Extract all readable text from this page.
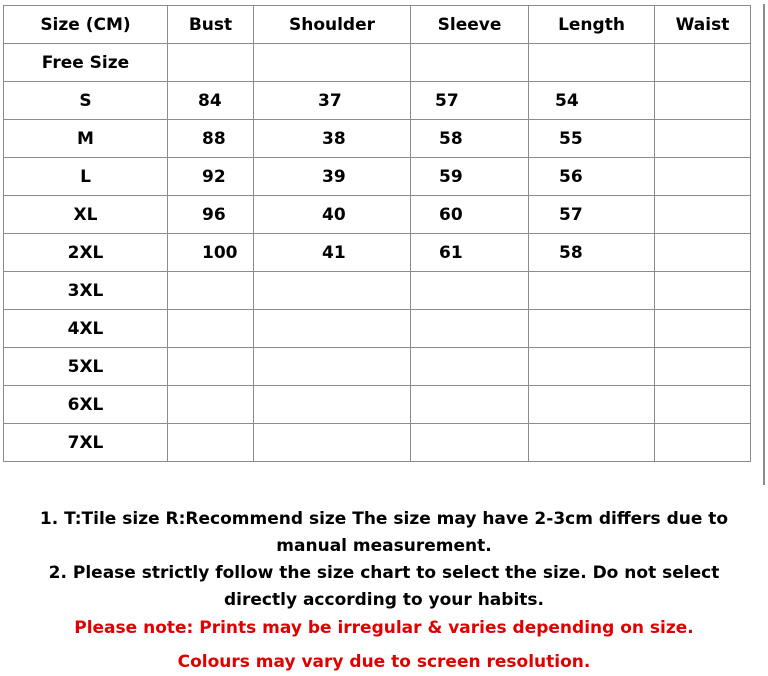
Size (CM)	Bust	Shoulder	Sleeve	Length	Waist
Free Size					
S	84	37	57	54	
M	88	38	58	55	
L	92	39	59	56	
XL	96	40	60	57	
2XL	100	41	61	58	
3XL					
4XL					
5XL					
6XL					
7XL					

1. T:Tile size R:Recommend size The size may have 2-3cm differs due to manual measurement.

2. Please strictly follow the size chart to select the size. Do not select directly according to your habits.

Please note: Prints may be irregular & varies depending on size.

Colours may vary due to screen resolution.
